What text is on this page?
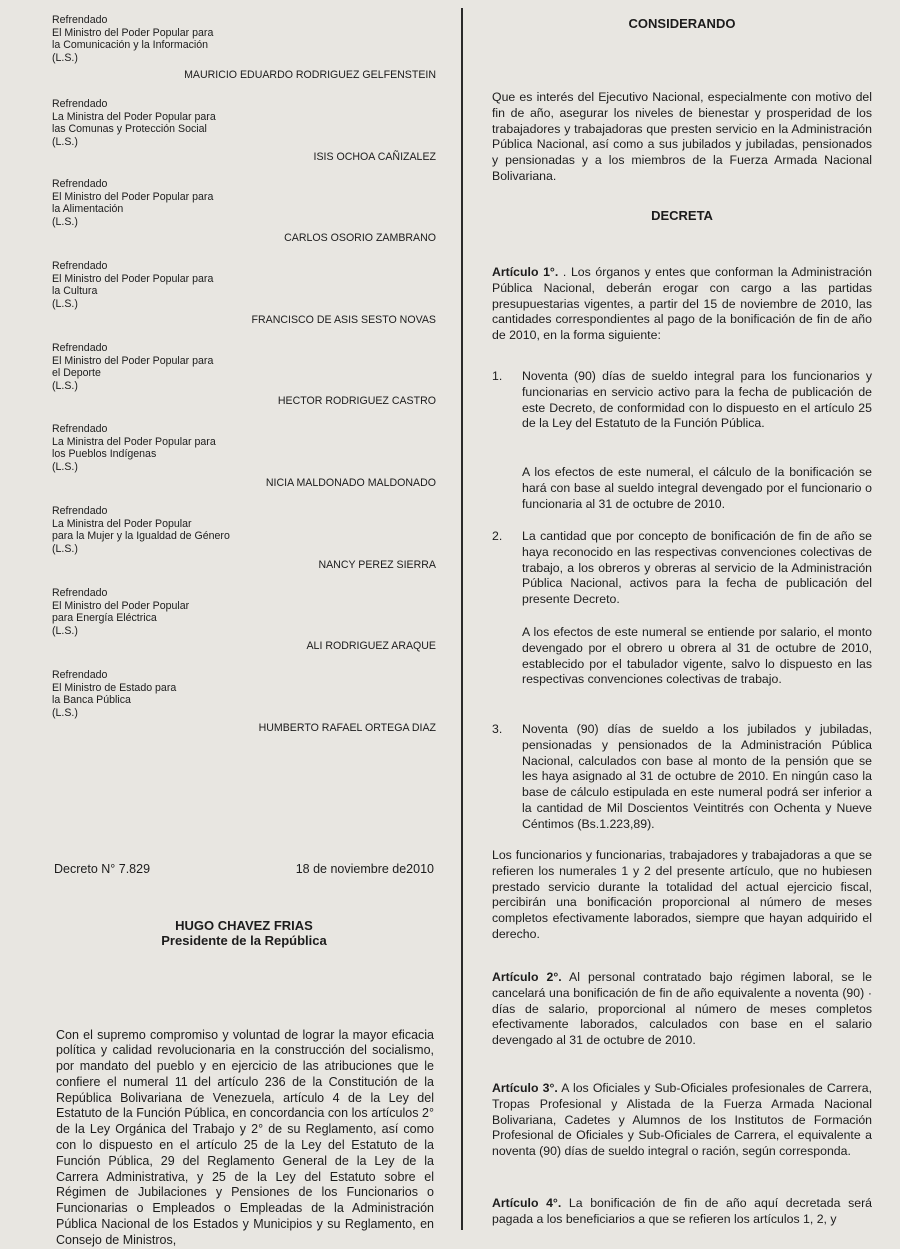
Refrendado
El Ministro del Poder Popular para
la Comunicación y la Información
(L.S.)
MAURICIO EDUARDO RODRIGUEZ GELFENSTEIN
Refrendado
La Ministra del Poder Popular para
las Comunas y Protección Social
(L.S.)
ISIS OCHOA CAÑIZALEZ
Refrendado
El Ministro del Poder Popular para
la Alimentación
(L.S.)
CARLOS OSORIO ZAMBRANO
Refrendado
El Ministro del Poder Popular para
la Cultura
(L.S.)
FRANCISCO DE ASIS SESTO NOVAS
Refrendado
El Ministro del Poder Popular para
el Deporte
(L.S.)
HECTOR RODRIGUEZ CASTRO
Refrendado
La Ministra del Poder Popular para
los Pueblos Indígenas
(L.S.)
NICIA MALDONADO MALDONADO
Refrendado
La Ministra del Poder Popular
para la Mujer y la Igualdad de Género
(L.S.)
NANCY PEREZ SIERRA
Refrendado
El Ministro del Poder Popular
para Energía Eléctrica
(L.S.)
ALI RODRIGUEZ ARAQUE
Refrendado
El Ministro de Estado para
la Banca Pública
(L.S.)
HUMBERTO RAFAEL ORTEGA DIAZ
Decreto N° 7.829	18 de noviembre de2010
HUGO CHAVEZ FRIAS
Presidente de la República

Con el supremo compromiso y voluntad de lograr la mayor eficacia política y calidad revolucionaria en la construcción del socialismo, por mandato del pueblo y en ejercicio de las atribuciones que le confiere el numeral 11 del artículo 236 de la Constitución de la República Bolivariana de Venezuela, artículo 4 de la Ley del Estatuto de la Función Pública, en concordancia con los artículos 2° de la Ley Orgánica del Trabajo y 2° de su Reglamento, así como con lo dispuesto en el artículo 25 de la Ley del Estatuto de la Función Pública, 29 del Reglamento General de la Ley de la Carrera Administrativa, y 25 de la Ley del Estatuto sobre el Régimen de Jubilaciones y Pensiones de los Funcionarios o Funcionarias o Empleados o Empleadas de la Administración Pública Nacional de los Estados y Municipios y su Reglamento, en Consejo de Ministros,

CONSIDERANDO

Que es interés del Ejecutivo Nacional, especialmente con motivo del fin de año, asegurar los niveles de bienestar y prosperidad de los trabajadores y trabajadoras que presten servicio en la Administración Pública Nacional, así como a sus jubilados y jubiladas, pensionados y pensionadas y a los miembros de la Fuerza Armada Nacional Bolivariana.

DECRETA

Artículo 1°. . Los órganos y entes que conforman la Administración Pública Nacional, deberán erogar con cargo a las partidas presupuestarias vigentes, a partir del 15 de noviembre de 2010, las cantidades correspondientes al pago de la bonificación de fin de año de 2010, en la forma siguiente:

1. Noventa (90) días de sueldo integral para los funcionarios y funcionarias en servicio activo para la fecha de publicación de este Decreto, de conformidad con lo dispuesto en el artículo 25 de la Ley del Estatuto de la Función Pública.

A los efectos de este numeral, el cálculo de la bonificación se hará con base al sueldo integral devengado por el funcionario o funcionaria al 31 de octubre de 2010.

2. La cantidad que por concepto de bonificación de fin de año se haya reconocido en las respectivas convenciones colectivas de trabajo, a los obreros y obreras al servicio de la Administración Pública Nacional, activos para la fecha de publicación del presente Decreto.

A los efectos de este numeral se entiende por salario, el monto devengado por el obrero u obrera al 31 de octubre de 2010, establecido por el tabulador vigente, salvo lo dispuesto en las respectivas convenciones colectivas de trabajo.

3. Noventa (90) días de sueldo a los jubilados y jubiladas, pensionadas y pensionados de la Administración Pública Nacional, calculados con base al monto de la pensión que se les haya asignado al 31 de octubre de 2010. En ningún caso la base de cálculo estipulada en este numeral podrá ser inferior a la cantidad de Mil Doscientos Veintitrés con Ochenta y Nueve Céntimos (Bs.1.223,89).

Los funcionarios y funcionarias, trabajadores y trabajadoras a que se refieren los numerales 1 y 2 del presente artículo, que no hubiesen prestado servicio durante la totalidad del actual ejercicio fiscal, percibirán una bonificación proporcional al número de meses completos efectivamente laborados, siempre que hayan adquirido el derecho.

Artículo 2°. Al personal contratado bajo régimen laboral, se le cancelará una bonificación de fin de año equivalente a noventa (90) · días de salario, proporcional al número de meses completos efectivamente laborados, calculados con base en el salario devengado al 31 de octubre de 2010.

Artículo 3°. A los Oficiales y Sub-Oficiales profesionales de Carrera, Tropas Profesional y Alistada de la Fuerza Armada Nacional Bolivariana, Cadetes y Alumnos de los Institutos de Formación Profesional de Oficiales y Sub-Oficiales de Carrera, el equivalente a noventa (90) días de sueldo integral o ración, según corresponda.

Artículo 4°. La bonificación de fin de año aquí decretada será pagada a los beneficiarios a que se refieren los artículos 1, 2, y
